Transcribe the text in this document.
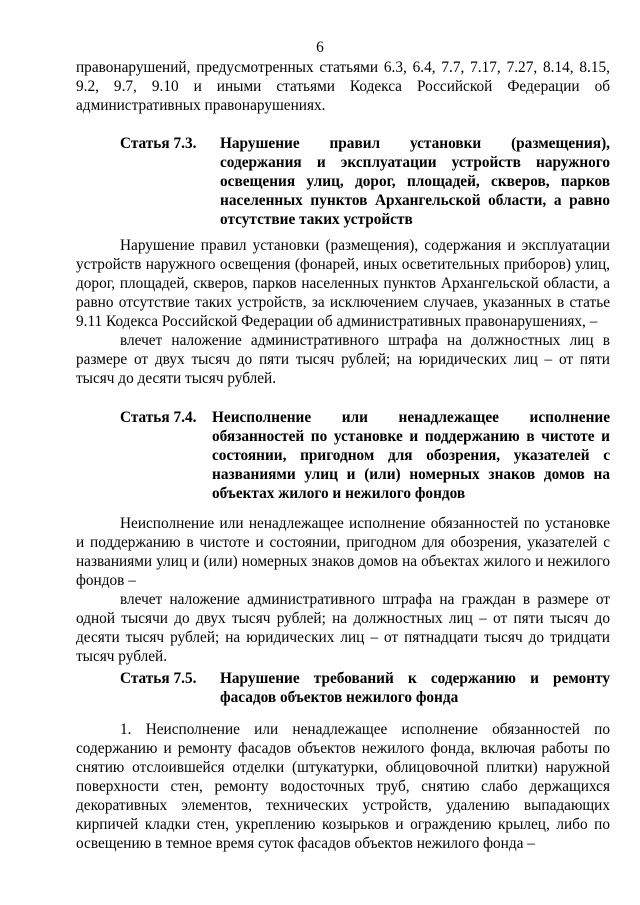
6

правонарушений, предусмотренных статьями 6.3, 6.4, 7.7, 7.17, 7.27, 8.14, 8.15, 9.2, 9.7, 9.10 и иными статьями Кодекса Российской Федерации об административных правонарушениях.

Статья 7.3. Нарушение правил установки (размещения), содержания и эксплуатации устройств наружного освещения улиц, дорог, площадей, скверов, парков населенных пунктов Архангельской области, а равно отсутствие таких устройств

Нарушение правил установки (размещения), содержания и эксплуатации устройств наружного освещения (фонарей, иных осветительных приборов) улиц, дорог, площадей, скверов, парков населенных пунктов Архангельской области, а равно отсутствие таких устройств, за исключением случаев, указанных в статье 9.11 Кодекса Российской Федерации об административных правонарушениях, –

влечет наложение административного штрафа на должностных лиц в размере от двух тысяч до пяти тысяч рублей; на юридических лиц – от пяти тысяч до десяти тысяч рублей.

Статья 7.4. Неисполнение или ненадлежащее исполнение обязанностей по установке и поддержанию в чистоте и состоянии, пригодном для обозрения, указателей с названиями улиц и (или) номерных знаков домов на объектах жилого и нежилого фондов

Неисполнение или ненадлежащее исполнение обязанностей по установке и поддержанию в чистоте и состоянии, пригодном для обозрения, указателей с названиями улиц и (или) номерных знаков домов на объектах жилого и нежилого фондов –

влечет наложение административного штрафа на граждан в размере от одной тысячи до двух тысяч рублей; на должностных лиц – от пяти тысяч до десяти тысяч рублей; на юридических лиц – от пятнадцати тысяч до тридцати тысяч рублей.

Статья 7.5. Нарушение требований к содержанию и ремонту фасадов объектов нежилого фонда

1. Неисполнение или ненадлежащее исполнение обязанностей по содержанию и ремонту фасадов объектов нежилого фонда, включая работы по снятию отслоившейся отделки (штукатурки, облицовочной плитки) наружной поверхности стен, ремонту водосточных труб, снятию слабо держащихся декоративных элементов, технических устройств, удалению выпадающих кирпичей кладки стен, укреплению козырьков и ограждению крылец, либо по освещению в темное время суток фасадов объектов нежилого фонда –
